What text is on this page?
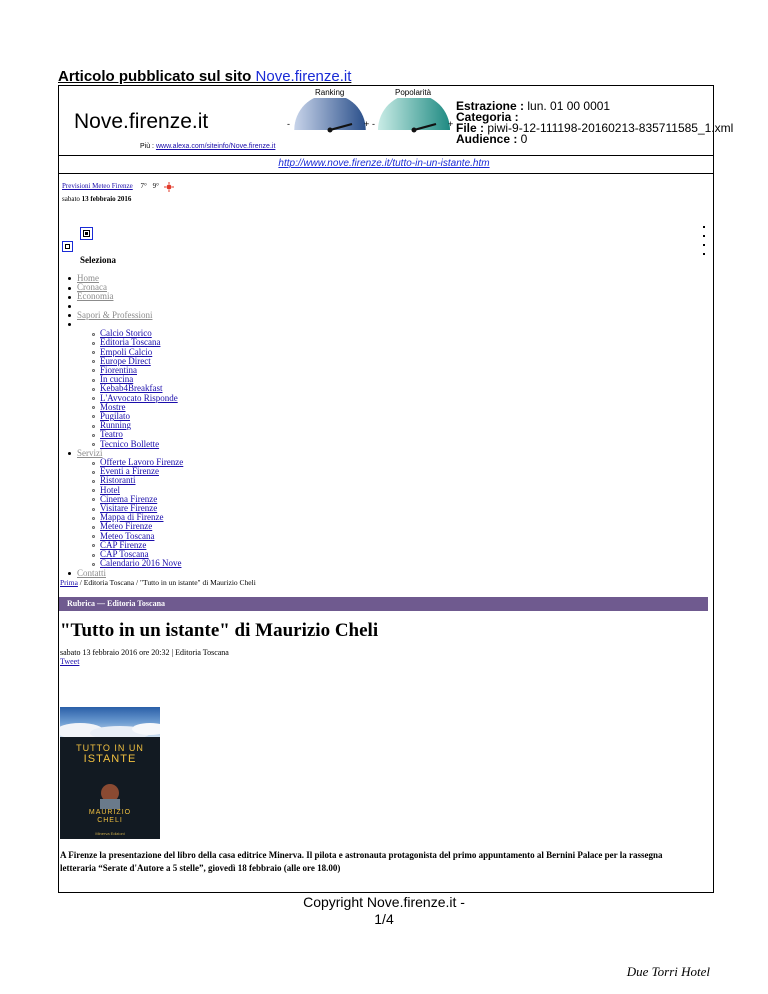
Articolo pubblicato sul sito Nove.firenze.it
Nove.firenze.it
Più : www.alexa.com/siteinfo/Nove.firenze.it
Ranking	Popolarità
-	+ -	+
Estrazione : lun. 01 00 0001
Categoria :
File : piwi-9-12-111198-20160213-835711585_1.xml
Audience : 0
http://www.nove.firenze.it/tutto-in-un-istante.htm
Previsioni Meteo Firenze 7° 9°
sabato 13 febbraio 2016
Seleziona
Home
Cronaca
Economia
Sapori & Professioni
Calcio Storico
Editoria Toscana
Empoli Calcio
Europe Direct
Fiorentina
In cucina
Kebab4Breakfast
L'Avvocato Risponde
Mostre
Pugilato
Running
Teatro
Tecnico Bollette
Servizi
Offerte Lavoro Firenze
Eventi a Firenze
Ristoranti
Hotel
Cinema Firenze
Visitare Firenze
Mappa di Firenze
Meteo Firenze
Meteo Toscana
CAP Firenze
CAP Toscana
Calendario 2016 Nove
Contatti
Prima / Editoria Toscana / "Tutto in un istante" di Maurizio Cheli
Rubrica — Editoria Toscana
"Tutto in un istante" di Maurizio Cheli
sabato 13 febbraio 2016 ore 20:32 | Editoria Toscana
Tweet
TUTTO IN UN
ISTANTE
MAURIZIO
CHELI
Minerva Edizioni
A Firenze la presentazione del libro della casa editrice Minerva. Il pilota e astronauta protagonista del primo appuntamento al Bernini Palace per la rassegna letteraria “Serate d'Autore a 5 stelle”, giovedì 18 febbraio (alle ore 18.00)
Copyright Nove.firenze.it -
1/4
Due Torri Hotel
